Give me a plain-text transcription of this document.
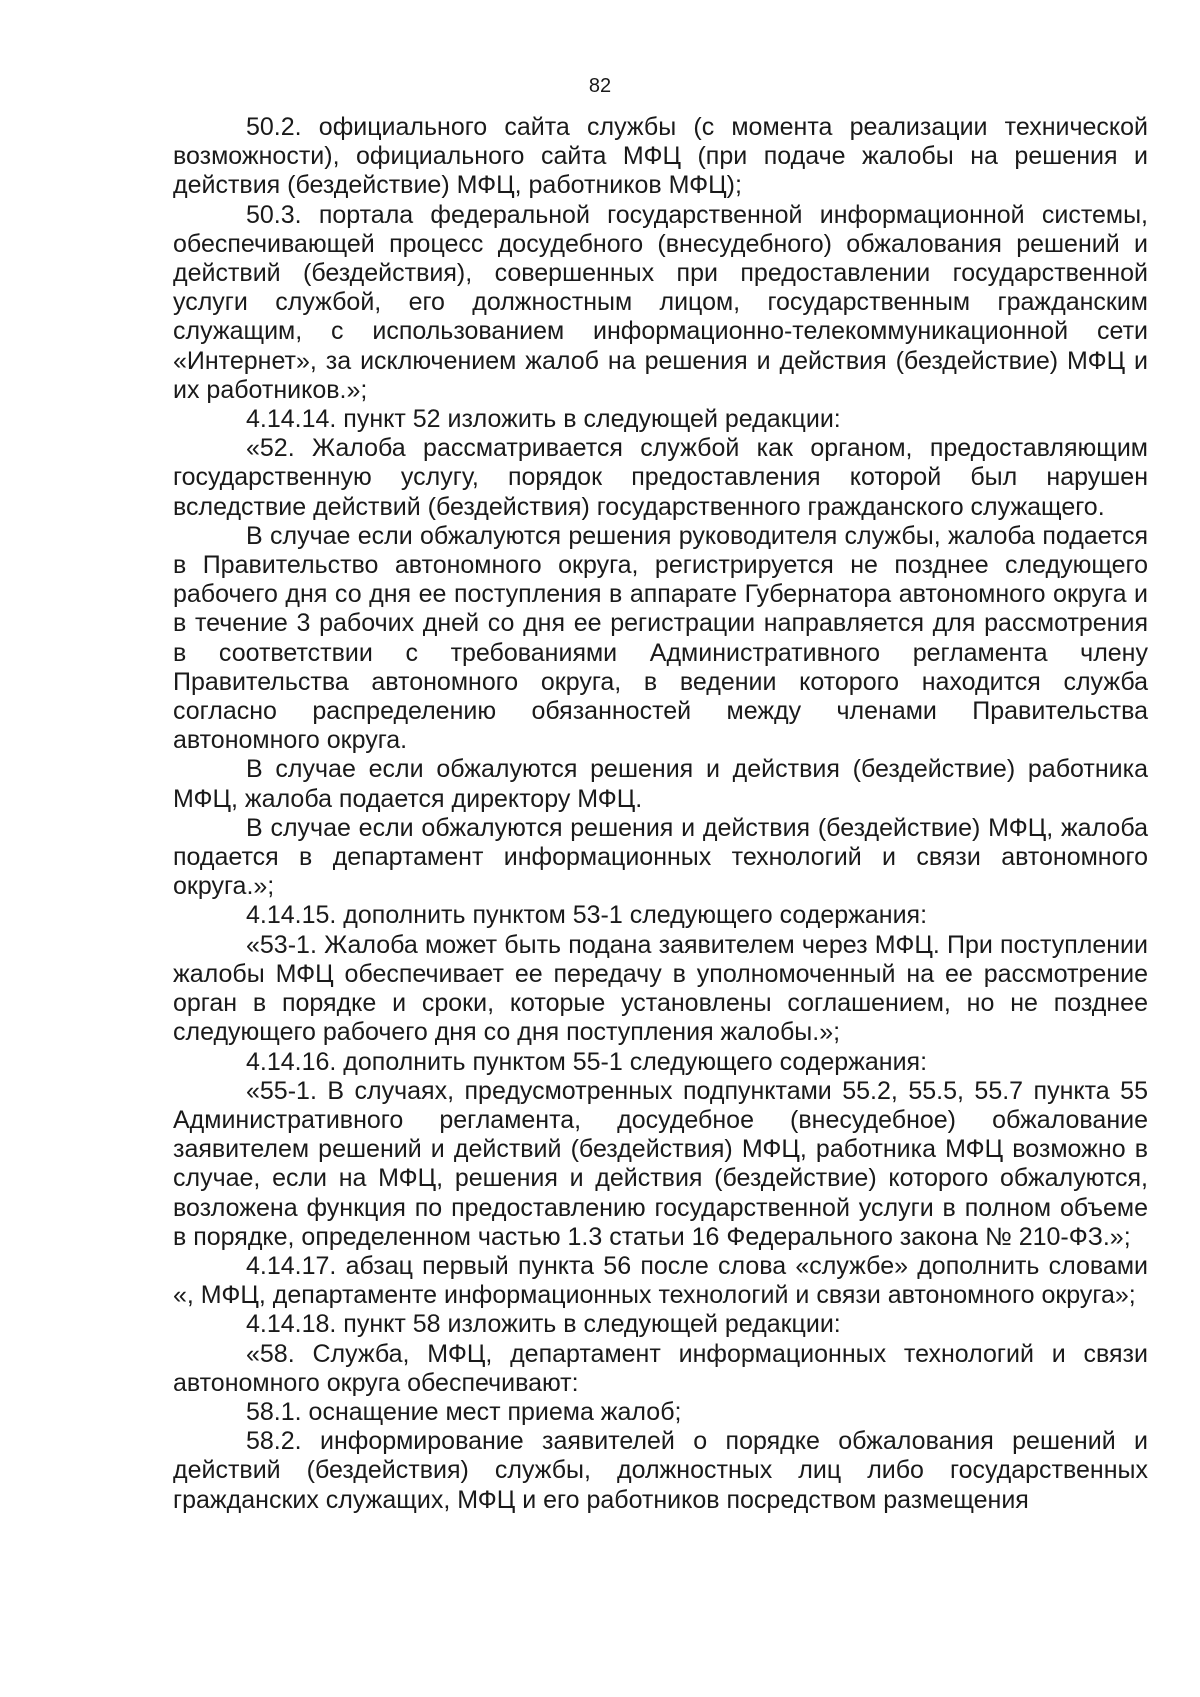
82

50.2. официального сайта службы (с момента реализации технической возможности), официального сайта МФЦ (при подаче жалобы на решения и действия (бездействие) МФЦ, работников МФЦ);

50.3. портала федеральной государственной информационной системы, обеспечивающей процесс досудебного (внесудебного) обжалования решений и действий (бездействия), совершенных при предоставлении государственной услуги службой, его должностным лицом, государственным гражданским служащим, с использованием информационно-телекоммуникационной сети «Интернет», за исключением жалоб на решения и действия (бездействие) МФЦ и их работников.»;

4.14.14. пункт 52 изложить в следующей редакции:

«52. Жалоба рассматривается службой как органом, предоставляющим государственную услугу, порядок предоставления которой был нарушен вследствие действий (бездействия) государственного гражданского служащего.

В случае если обжалуются решения руководителя службы, жалоба подается в Правительство автономного округа, регистрируется не позднее следующего рабочего дня со дня ее поступления в аппарате Губернатора автономного округа и в течение 3 рабочих дней со дня ее регистрации направляется для рассмотрения в соответствии с требованиями Административного регламента члену Правительства автономного округа, в ведении которого находится служба согласно распределению обязанностей между членами Правительства автономного округа.

В случае если обжалуются решения и действия (бездействие) работника МФЦ, жалоба подается директору МФЦ.

В случае если обжалуются решения и действия (бездействие) МФЦ, жалоба подается в департамент информационных технологий и связи автономного округа.»;

4.14.15. дополнить пунктом 53-1 следующего содержания:

«53-1. Жалоба может быть подана заявителем через МФЦ. При поступлении жалобы МФЦ обеспечивает ее передачу в уполномоченный на ее рассмотрение орган в порядке и сроки, которые установлены соглашением, но не позднее следующего рабочего дня со дня поступления жалобы.»;

4.14.16. дополнить пунктом 55-1 следующего содержания:

«55-1. В случаях, предусмотренных подпунктами 55.2, 55.5, 55.7 пункта 55 Административного регламента, досудебное (внесудебное) обжалование заявителем решений и действий (бездействия) МФЦ, работника МФЦ возможно в случае, если на МФЦ, решения и действия (бездействие) которого обжалуются, возложена функция по предоставлению государственной услуги в полном объеме в порядке, определенном частью 1.3 статьи 16 Федерального закона № 210-ФЗ.»;

4.14.17. абзац первый пункта 56 после слова «службе» дополнить словами «, МФЦ, департаменте информационных технологий и связи автономного округа»;

4.14.18. пункт 58 изложить в следующей редакции:

«58. Служба, МФЦ, департамент информационных технологий и связи автономного округа обеспечивают:

58.1. оснащение мест приема жалоб;

58.2. информирование заявителей о порядке обжалования решений и действий (бездействия) службы, должностных лиц либо государственных гражданских служащих, МФЦ и его работников посредством размещения
